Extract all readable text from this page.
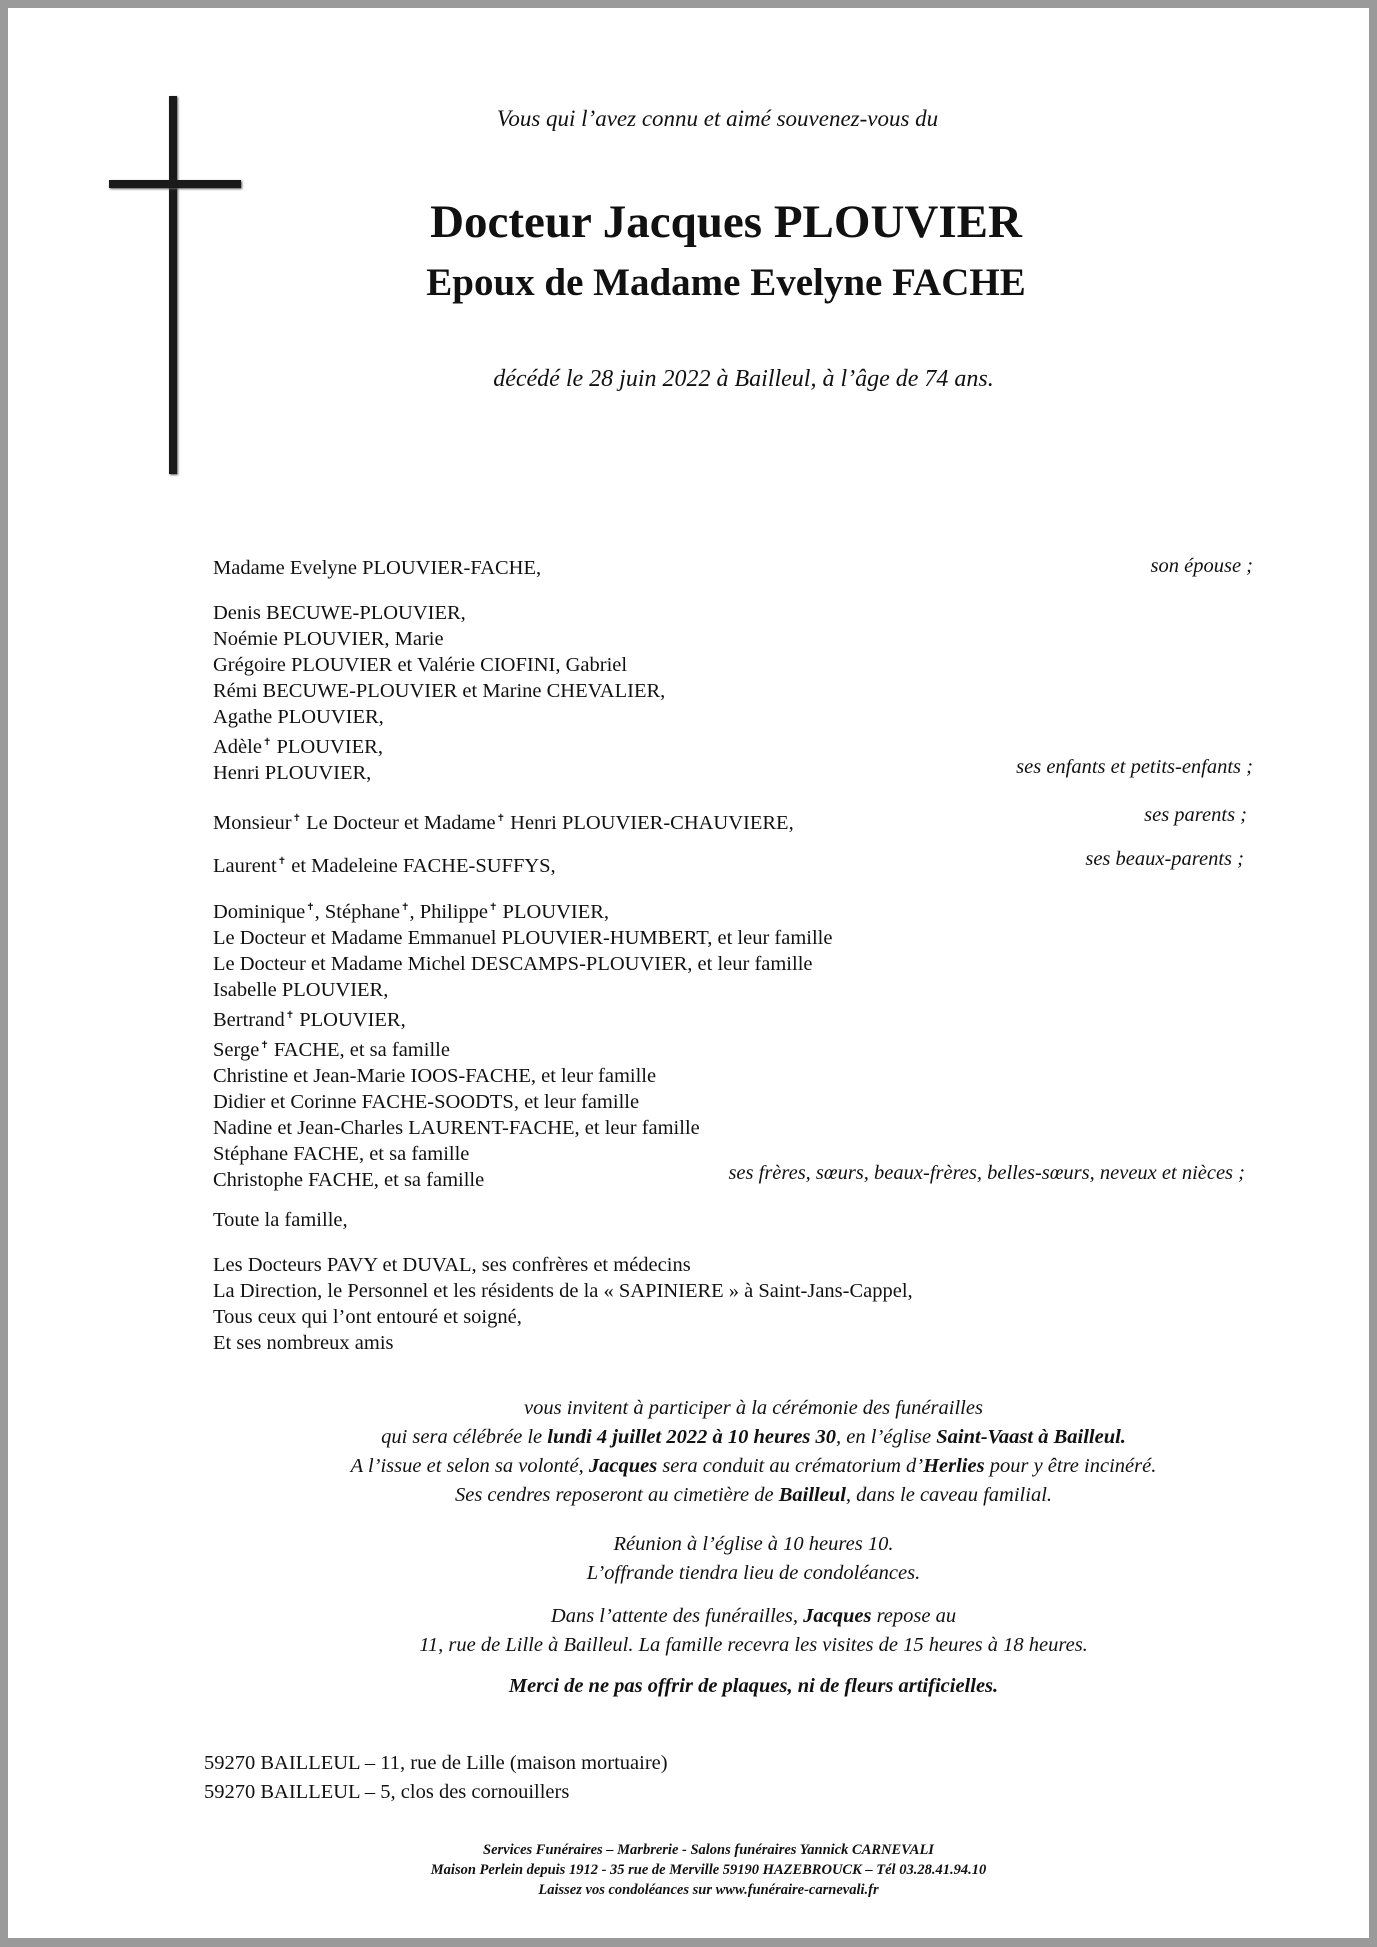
Vous qui l’avez connu et aimé souvenez-vous du
Docteur Jacques PLOUVIER
Epoux de Madame Evelyne FACHE
décédé le 28 juin 2022 à Bailleul, à l’âge de 74 ans.
Madame Evelyne PLOUVIER-FACHE,	son épouse ;
Denis BECUWE-PLOUVIER,
Noémie PLOUVIER, Marie
Grégoire PLOUVIER et Valérie CIOFINI, Gabriel
Rémi BECUWE-PLOUVIER et Marine CHEVALIER,
Agathe PLOUVIER,
Adèle✝ PLOUVIER,
Henri PLOUVIER,	ses enfants et petits-enfants ;
Monsieur✝ Le Docteur et Madame✝ Henri PLOUVIER-CHAUVIERE,	ses parents ;
Laurent✝ et Madeleine FACHE-SUFFYS,	ses beaux-parents ;
Dominique✝, Stéphane✝, Philippe✝ PLOUVIER,
Le Docteur et Madame Emmanuel PLOUVIER-HUMBERT, et leur famille
Le Docteur et Madame Michel DESCAMPS-PLOUVIER, et leur famille
Isabelle PLOUVIER,
Bertrand✝ PLOUVIER,
Serge✝ FACHE, et sa famille
Christine et Jean-Marie IOOS-FACHE, et leur famille
Didier et Corinne FACHE-SOODTS, et leur famille
Nadine et Jean-Charles LAURENT-FACHE, et leur famille
Stéphane FACHE, et sa famille
Christophe FACHE, et sa famille	ses frères, sœurs, beaux-frères, belles-sœurs, neveux et nièces ;
Toute la famille,
Les Docteurs PAVY et DUVAL, ses confrères et médecins
La Direction, le Personnel et les résidents de la « SAPINIERE » à Saint-Jans-Cappel,
Tous ceux qui l’ont entouré et soigné,
Et ses nombreux amis
vous invitent à participer à la cérémonie des funérailles
qui sera célébrée le lundi 4 juillet 2022 à 10 heures 30, en l’église Saint-Vaast à Bailleul.
A l’issue et selon sa volonté, Jacques sera conduit au crématorium d’Herlies pour y être incinéré.
Ses cendres reposeront au cimetière de Bailleul, dans le caveau familial.
Réunion à l’église à 10 heures 10.
L’offrande tiendra lieu de condoléances.
Dans l’attente des funérailles, Jacques repose au
11, rue de Lille à Bailleul. La famille recevra les visites de 15 heures à 18 heures.
Merci de ne pas offrir de plaques, ni de fleurs artificielles.
59270 BAILLEUL – 11, rue de Lille (maison mortuaire)
59270 BAILLEUL – 5, clos des cornouillers
Services Funéraires – Marbrerie - Salons funéraires Yannick CARNEVALI
Maison Perlein depuis 1912 - 35 rue de Merville 59190 HAZEBROUCK – Tél 03.28.41.94.10
Laissez vos condoléances sur www.funéraire-carnevali.fr
